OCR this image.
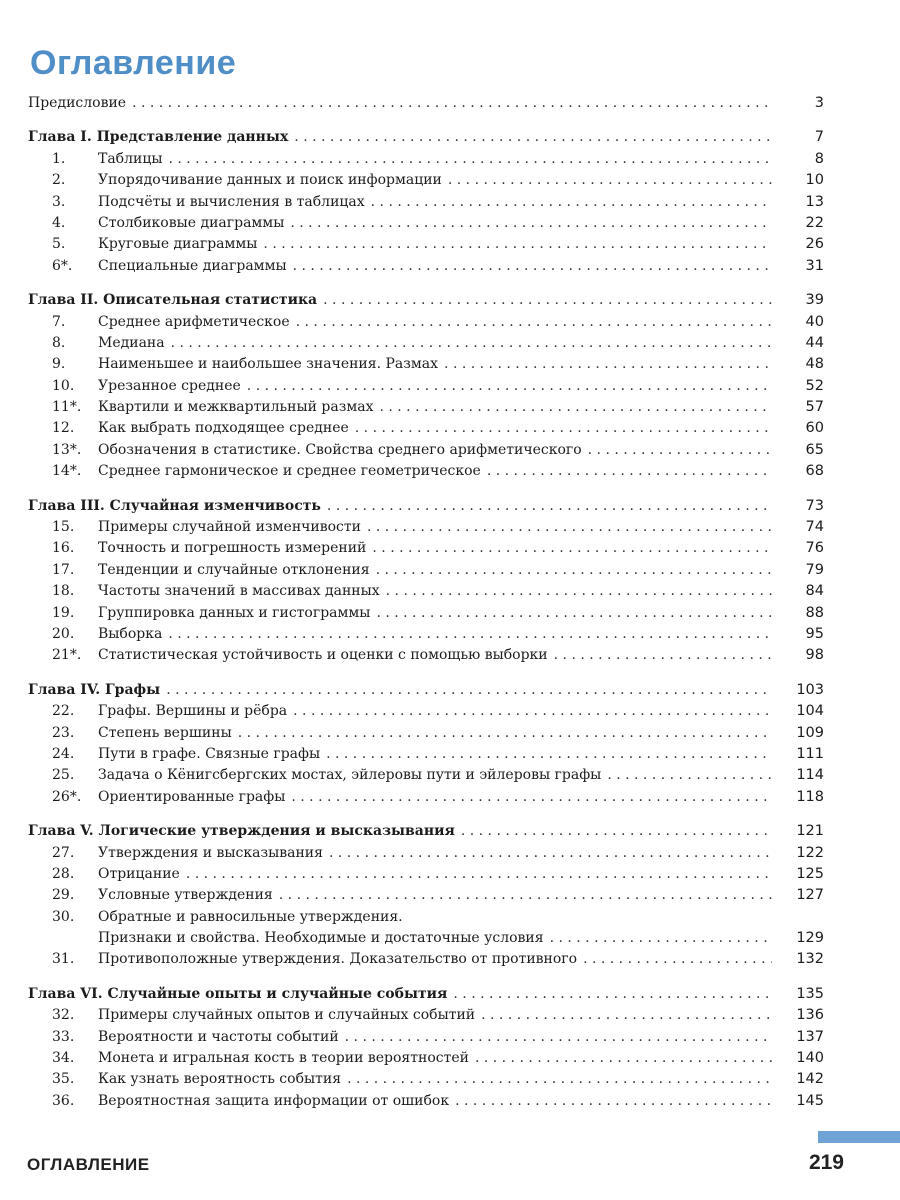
Оглавление
Предисловие . . .	3
Глава I. Представление данных . . .	7
1.	Таблицы . . .	8
2.	Упорядочивание данных и поиск информации . . .	10
3.	Подсчёты и вычисления в таблицах . . .	13
4.	Столбиковые диаграммы . . .	22
5.	Круговые диаграммы . . .	26
6*.	Специальные диаграммы . . .	31
Глава II. Описательная статистика . . .	39
7.	Среднее арифметическое . . .	40
8.	Медиана . . .	44
9.	Наименьшее и наибольшее значения. Размах . . .	48
10.	Урезанное среднее . . .	52
11*.	Квартили и межквартильный размах . . .	57
12.	Как выбрать подходящее среднее . . .	60
13*.	Обозначения в статистике. Свойства среднего арифметического . . .	65
14*.	Среднее гармоническое и среднее геометрическое . . .	68
Глава III. Случайная изменчивость . . .	73
15.	Примеры случайной изменчивости . . .	74
16.	Точность и погрешность измерений . . .	76
17.	Тенденции и случайные отклонения . . .	79
18.	Частоты значений в массивах данных . . .	84
19.	Группировка данных и гистограммы . . .	88
20.	Выборка . . .	95
21*.	Статистическая устойчивость и оценки с помощью выборки . . .	98
Глава IV. Графы . . .	103
22.	Графы. Вершины и рёбра . . .	104
23.	Степень вершины . . .	109
24.	Пути в графе. Связные графы . . .	111
25.	Задача о Кёнигсбергских мостах, эйлеровы пути и эйлеровы графы . . .	114
26*.	Ориентированные графы . . .	118
Глава V. Логические утверждения и высказывания . . .	121
27.	Утверждения и высказывания . . .	122
28.	Отрицание . . .	125
29.	Условные утверждения . . .	127
30.	Обратные и равносильные утверждения.
Признаки и свойства. Необходимые и достаточные условия . . .	129
31.	Противоположные утверждения. Доказательство от противного . . .	132
Глава VI. Случайные опыты и случайные события . . .	135
32.	Примеры случайных опытов и случайных событий . . .	136
33.	Вероятности и частоты событий . . .	137
34.	Монета и игральная кость в теории вероятностей . . .	140
35.	Как узнать вероятность события . . .	142
36.	Вероятностная защита информации от ошибок . . .	145
ОГЛАВЛЕНИЕ	219
